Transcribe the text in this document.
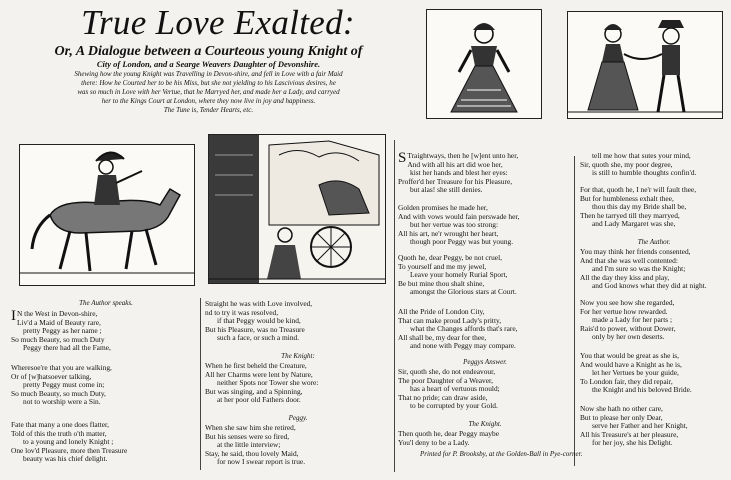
True Love Exalted:
Or, A Dialogue between a Courteous young Knight of
City of London, and a Searge Weavers Daughter of Devonshire.
Shewing how the young Knight was Travelling in Devon-shire, and fell in Love with a fair Maid
there: How he Courted her to be his Miss, but she not yielding to his Lascivious desires, he
was so much in Love with her Vertue, that he Marryed her, and made her a Lady, and carryed
her to the Kings Court at London, where they now live in joy and happiness.
The Tune is, Tender Hearts, etc.
The Author speaks.
I N the West in Devon-shire,
Liv'd a Maid of Beauty rare,
pretty Peggy as her name ;
So much Beauty, so much Duty
Peggy there had all the Fame,
Wheresoe're that you are walking,
Or of [w]hatsoever talking,
pretty Peggy must come in;
So much Beauty, so much Duty,
not to worship were a Sin.
Fate that many a one does flatter,
Told of this the truth o'th matter,
to a young and lonely Knight ;
One lov'd Pleasure, more then Treasure
beauty was his chief delight.
Straight he was with Love involved,
nd to try it was resolved,
if that Peggy would be kind,
But his Pleasure, was no Treasure
such a face, or such a mind.
The Knight:
When he first beheld the Creature,
All her Charms were lent by Nature,
neither Spots nor Tower she wore:
But was singing, and a Spinning,
at her poor old Fathers door.
Peggy.
When she saw him she retired,
But his senses were so fired,
at the little interview;
Stay, he said, thou lovely Maid,
for now I swear report is true.
S Traightways, then he [w]ent unto her,
And with all his art did woe her,
kist her hands and blest her eyes:
Proffer'd her Treasure for his Pleasure,
but alas! she still denies.
Golden promises he made her,
And with vows would fain perswade her,
but her vertue was too strong:
All his art, ne'r wrought her heart,
though poor Peggy was but young.
Quoth he, dear Peggy, be not cruel,
To yourself and me my jewel,
Leave your homely Rurial Sport,
Be but mine thou shalt shine,
amongst the Glorious stars at Court.
All the Pride of London City,
That can make proud Lady's pritty,
what the Changes affords that's rare,
All shall be, my dear for thee,
and none with Peggy may compare.
Peggys Answer.
Sir, quoth she, do not endeavour,
The poor Daughter of a Weaver,
has a heart of vertuous mould;
That no pride; can draw aside,
to be corrupted by your Gold.
The Knight.
Then quoth he, dear Peggy maybe
You'l deny to be a Lady.
Printed for P. Brooksby, at the Golden-Ball in Pye-corner.
tell me how that sutes your mind,
Sir, quoth she, my poor degree,
is still to humble thoughts confin'd.
For that, quoth he, I ne'r will fault thee,
But for humbleness exhalt thee,
thou this day my Bride shall be,
Then he tarryed till they marryed,
and Lady Margaret was she,
The Author.
You may think her friends consented,
And that she was well contented:
and I'm sure so was the Knight;
All the day they kiss and play,
and God knows what they did at night.
Now you see how she regarded,
For her vertue how rewarded.
made a Lady for her parts ;
Rais'd to power, without Dower,
only by her own deserts.
You that would be great as she is,
And would have a Knight as he is,
let her Vertues be your guide,
To London fair, they did repair,
the Knight and his beloved Bride.
Now she hath no other care,
But to please her only Dear,
serve her Father and her Knight,
All his Treasure's at her pleasure,
for her joy, she his Delight.
